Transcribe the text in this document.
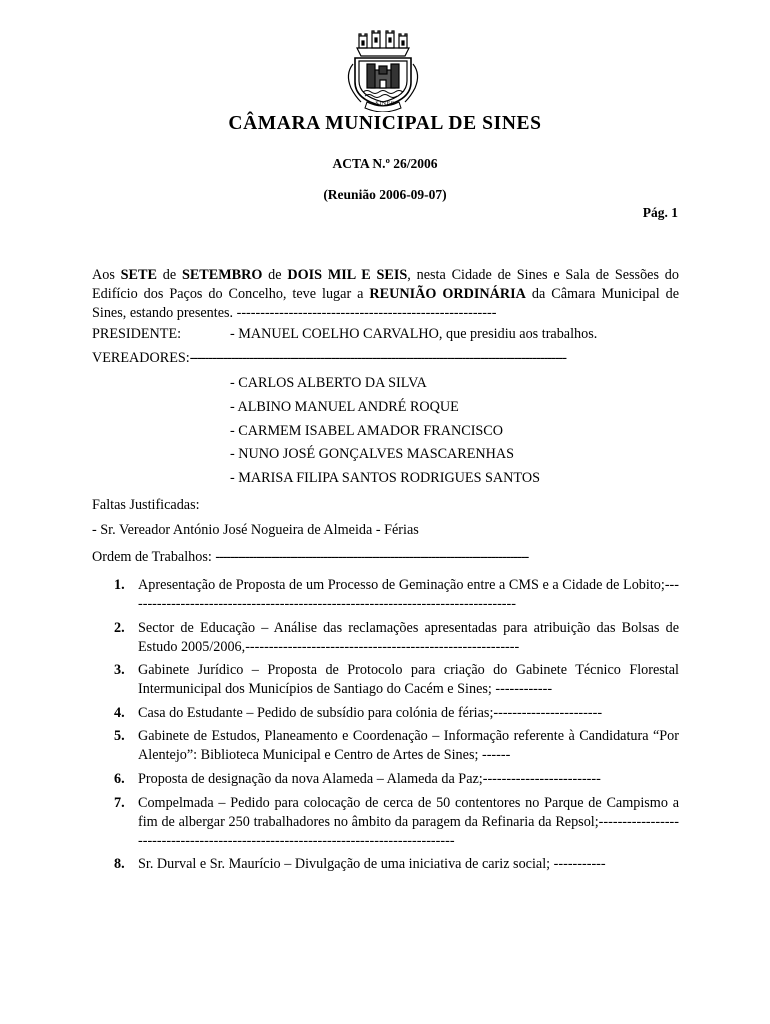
SINES
CÂMARA MUNICIPAL DE SINES
ACTA N.º 26/2006
(Reunião 2006-09-07)
Pág. 1
Aos SETE de SETEMBRO de DOIS MIL E SEIS, nesta Cidade de Sines e Sala de Sessões do Edifício dos Paços do Concelho, teve lugar a REUNIÃO ORDINÁRIA da Câmara Municipal de Sines, estando presentes. -------------------------------------------------------
PRESIDENTE:	- MANUEL COELHO CARVALHO, que presidiu aos trabalhos.
VEREADORES:-----------------------------------------------------------------------------------------------------
- CARLOS ALBERTO DA SILVA
- ALBINO MANUEL ANDRÉ ROQUE
- CARMEM ISABEL AMADOR FRANCISCO
- NUNO JOSÉ GONÇALVES MASCARENHAS
- MARISA FILIPA SANTOS RODRIGUES SANTOS
Faltas Justificadas:
- Sr. Vereador António José Nogueira de Almeida - Férias
Ordem de Trabalhos: ------------------------------------------------------------------------------------
1. Apresentação de Proposta de um Processo de Geminação entre a CMS e a Cidade de Lobito;-----------------------------------------------------------------------------------
2. Sector de Educação – Análise das reclamações apresentadas para atribuição das Bolsas de Estudo 2005/2006,----------------------------------------------------------
3. Gabinete Jurídico – Proposta de Protocolo para criação do Gabinete Técnico Florestal Intermunicipal dos Municípios de Santiago do Cacém e Sines; ------------
4. Casa do Estudante – Pedido de subsídio para colónia de férias;-----------------------
5. Gabinete de Estudos, Planeamento e Coordenação – Informação referente à Candidatura “Por Alentejo”: Biblioteca Municipal e Centro de Artes de Sines; ------
6. Proposta de designação da nova Alameda – Alameda da Paz;-------------------------
7. Compelmada – Pedido para colocação de cerca de 50 contentores no Parque de Campismo a fim de albergar 250 trabalhadores no âmbito da paragem da Refinaria da Repsol;------------------------------------------------------------------------------------
8. Sr. Durval e Sr. Maurício – Divulgação de uma iniciativa de cariz social; -----------
